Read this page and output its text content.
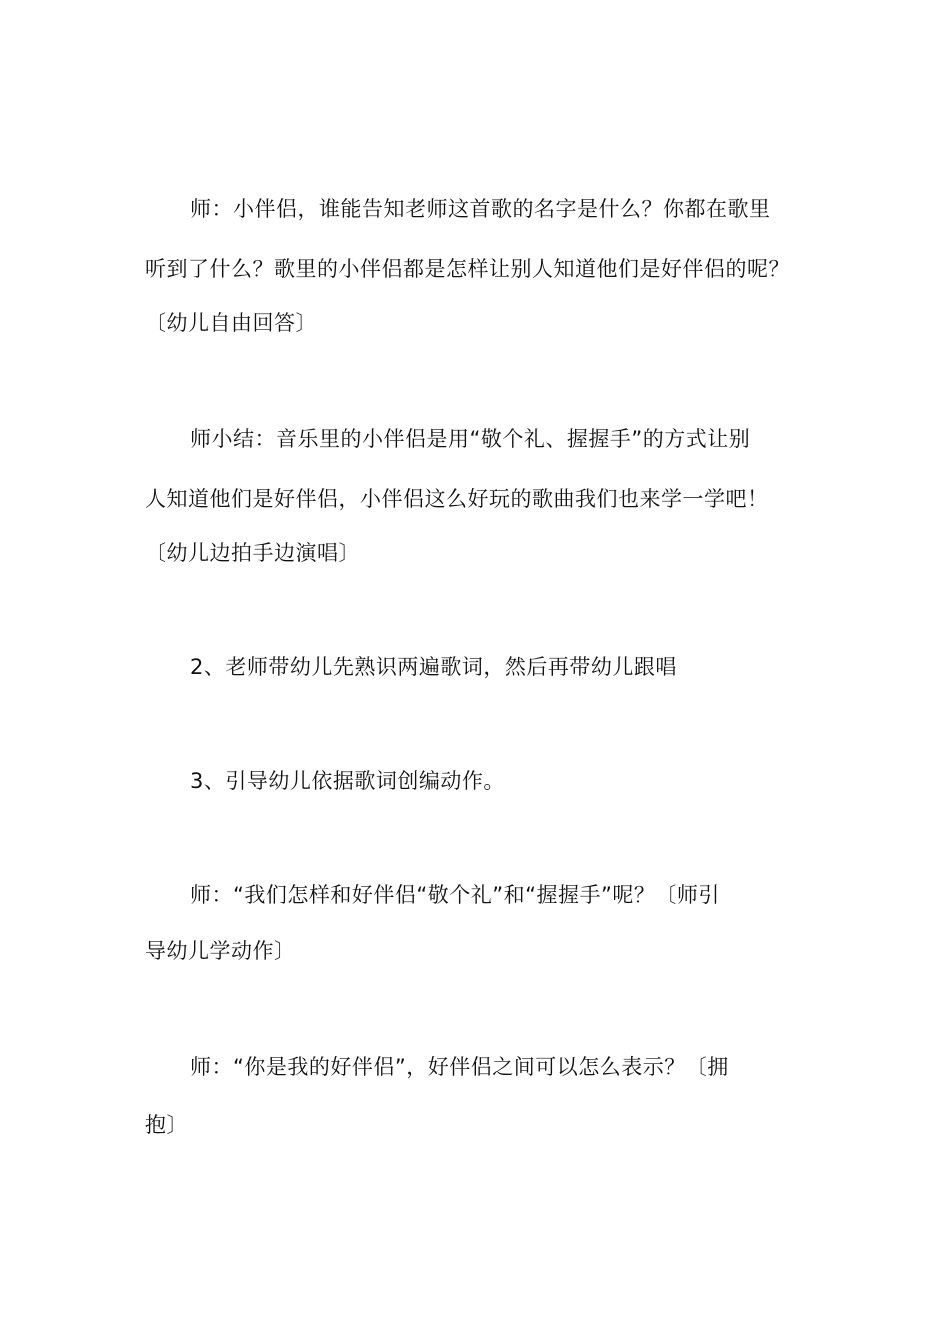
师：小伴侣，谁能告知老师这首歌的名字是什么？你都在歌里
听到了什么？歌里的小伴侣都是怎样让别人知道他们是好伴侣的呢？
〔幼儿自由回答〕
师小结：音乐里的小伴侣是用“敬个礼、握握手”的方式让别
人知道他们是好伴侣，小伴侣这么好玩的歌曲我们也来学一学吧！
〔幼儿边拍手边演唱〕
2、老师带幼儿先熟识两遍歌词，然后再带幼儿跟唱
3、引导幼儿依据歌词创编动作。
师：“我们怎样和好伴侣“敬个礼”和“握握手”呢？〔师引
导幼儿学动作〕
师：“你是我的好伴侣”，好伴侣之间可以怎么表示？〔拥
抱〕
